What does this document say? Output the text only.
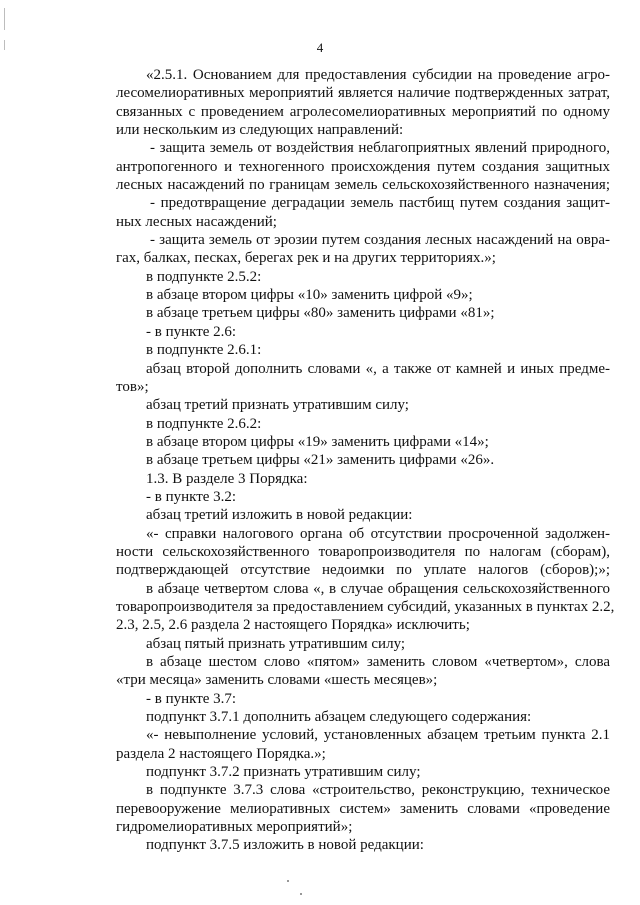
4
«2.5.1. Основанием для предоставления субсидии на проведение агро-
лесомелиоративных мероприятий является наличие подтвержденных затрат,
связанных с проведением агролесомелиоративных мероприятий по одному
или нескольким из следующих направлений:
- защита земель от воздействия неблагоприятных явлений природного,
антропогенного и техногенного происхождения путем создания защитных
лесных насаждений по границам земель сельскохозяйственного назначения;
- предотвращение деградации земель пастбищ путем создания защит-
ных лесных насаждений;
- защита земель от эрозии путем создания лесных насаждений на овра-
гах, балках, песках, берегах рек и на других территориях.»;
в подпункте 2.5.2:
в абзаце втором цифры «10» заменить цифрой «9»;
в абзаце третьем цифры «80» заменить цифрами «81»;
- в пункте 2.6:
в подпункте 2.6.1:
абзац второй дополнить словами «, а также от камней и иных предме-
тов»;
абзац третий признать утратившим силу;
в подпункте 2.6.2:
в абзаце втором цифры «19» заменить цифрами «14»;
в абзаце третьем цифры «21» заменить цифрами «26».
1.3. В разделе 3 Порядка:
- в пункте 3.2:
абзац третий изложить в новой редакции:
«- справки налогового органа об отсутствии просроченной задолжен-
ности сельскохозяйственного товаропроизводителя по налогам (сборам),
подтверждающей отсутствие недоимки по уплате налогов (сборов);»;
в абзаце четвертом слова «, в случае обращения сельскохозяйственного
товаропроизводителя за предоставлением субсидий, указанных в пунктах 2.2,
2.3, 2.5, 2.6 раздела 2 настоящего Порядка» исключить;
абзац пятый признать утратившим силу;
в абзаце шестом слово «пятом» заменить словом «четвертом», слова
«три месяца» заменить словами «шесть месяцев»;
- в пункте 3.7:
подпункт 3.7.1 дополнить абзацем следующего содержания:
«- невыполнение условий, установленных абзацем третьим пункта 2.1
раздела 2 настоящего Порядка.»;
подпункт 3.7.2 признать утратившим силу;
в подпункте 3.7.3 слова «строительство, реконструкцию, техническое
перевооружение мелиоративных систем» заменить словами «проведение
гидромелиоративных мероприятий»;
подпункт 3.7.5 изложить в новой редакции:
